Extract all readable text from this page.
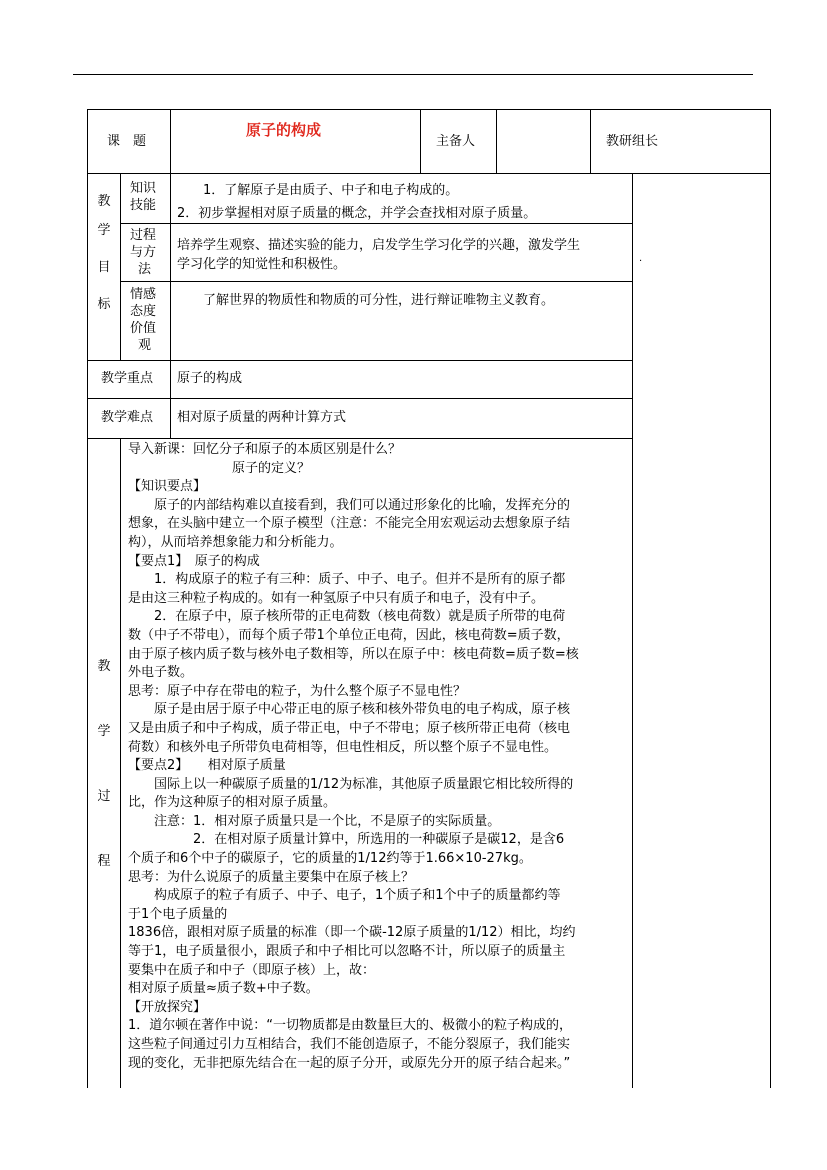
课　题
原子的构成
主备人	教研组长
教
学
目
标
知识
技能
过程
与方
法
情感
态度
价值
观
　　1．了解原子是由质子、中子和电子构成的。
2．初步掌握相对原子质量的概念，并学会查找相对原子质量。
培养学生观察、描述实验的能力，启发学生学习化学的兴趣，激发学生
学习化学的知觉性和积极性。
　　了解世界的物质性和物质的可分性，进行辩证唯物主义教育。
.
教学重点 原子的构成
教学难点 相对原子质量的两种计算方式
教
学
过
程
导入新课：回忆分子和原子的本质区别是什么？
　　　　　　　　原子的定义？
【知识要点】
　　原子的内部结构难以直接看到，我们可以通过形象化的比喻，发挥充分的
想象，在头脑中建立一个原子模型（注意：不能完全用宏观运动去想象原子结
构），从而培养想象能力和分析能力。
【要点1】　原子的构成
　　1．构成原子的粒子有三种：质子、中子、电子。但并不是所有的原子都
是由这三种粒子构成的。如有一种氢原子中只有质子和电子，没有中子。
　　2．在原子中，原子核所带的正电荷数（核电荷数）就是质子所带的电荷
数（中子不带电），而每个质子带1个单位正电荷，因此，核电荷数=质子数，
由于原子核内质子数与核外电子数相等，所以在原子中：核电荷数=质子数=核
外电子数。
思考：原子中存在带电的粒子，为什么整个原子不显电性？
　　原子是由居于原子中心带正电的原子核和核外带负电的电子构成，原子核
又是由质子和中子构成，质子带正电，中子不带电；原子核所带正电荷（核电
荷数）和核外电子所带负电荷相等，但电性相反，所以整个原子不显电性。
【要点2】　　相对原子质量
　　国际上以一种碳原子质量的1/12为标准，其他原子质量跟它相比较所得的
比，作为这种原子的相对原子质量。
　　注意：1．相对原子质量只是一个比，不是原子的实际质量。
　　　　　2．在相对原子质量计算中，所选用的一种碳原子是碳12，是含6
个质子和6个中子的碳原子，它的质量的1/12约等于1.66×10-27kg。
思考：为什么说原子的质量主要集中在原子核上？
　　构成原子的粒子有质子、中子、电子，1个质子和1个中子的质量都约等
于1个电子质量的
1836倍，跟相对原子质量的标准（即一个碳-12原子质量的1/12）相比，均约
等于1，电子质量很小，跟质子和中子相比可以忽略不计，所以原子的质量主
要集中在质子和中子（即原子核）上，故：
相对原子质量≈质子数+中子数。
【开放探究】
1．道尔顿在著作中说：“一切物质都是由数量巨大的、极微小的粒子构成的，
这些粒子间通过引力互相结合，我们不能创造原子，不能分裂原子，我们能实
现的变化，无非把原先结合在一起的原子分开，或原先分开的原子结合起来。”
